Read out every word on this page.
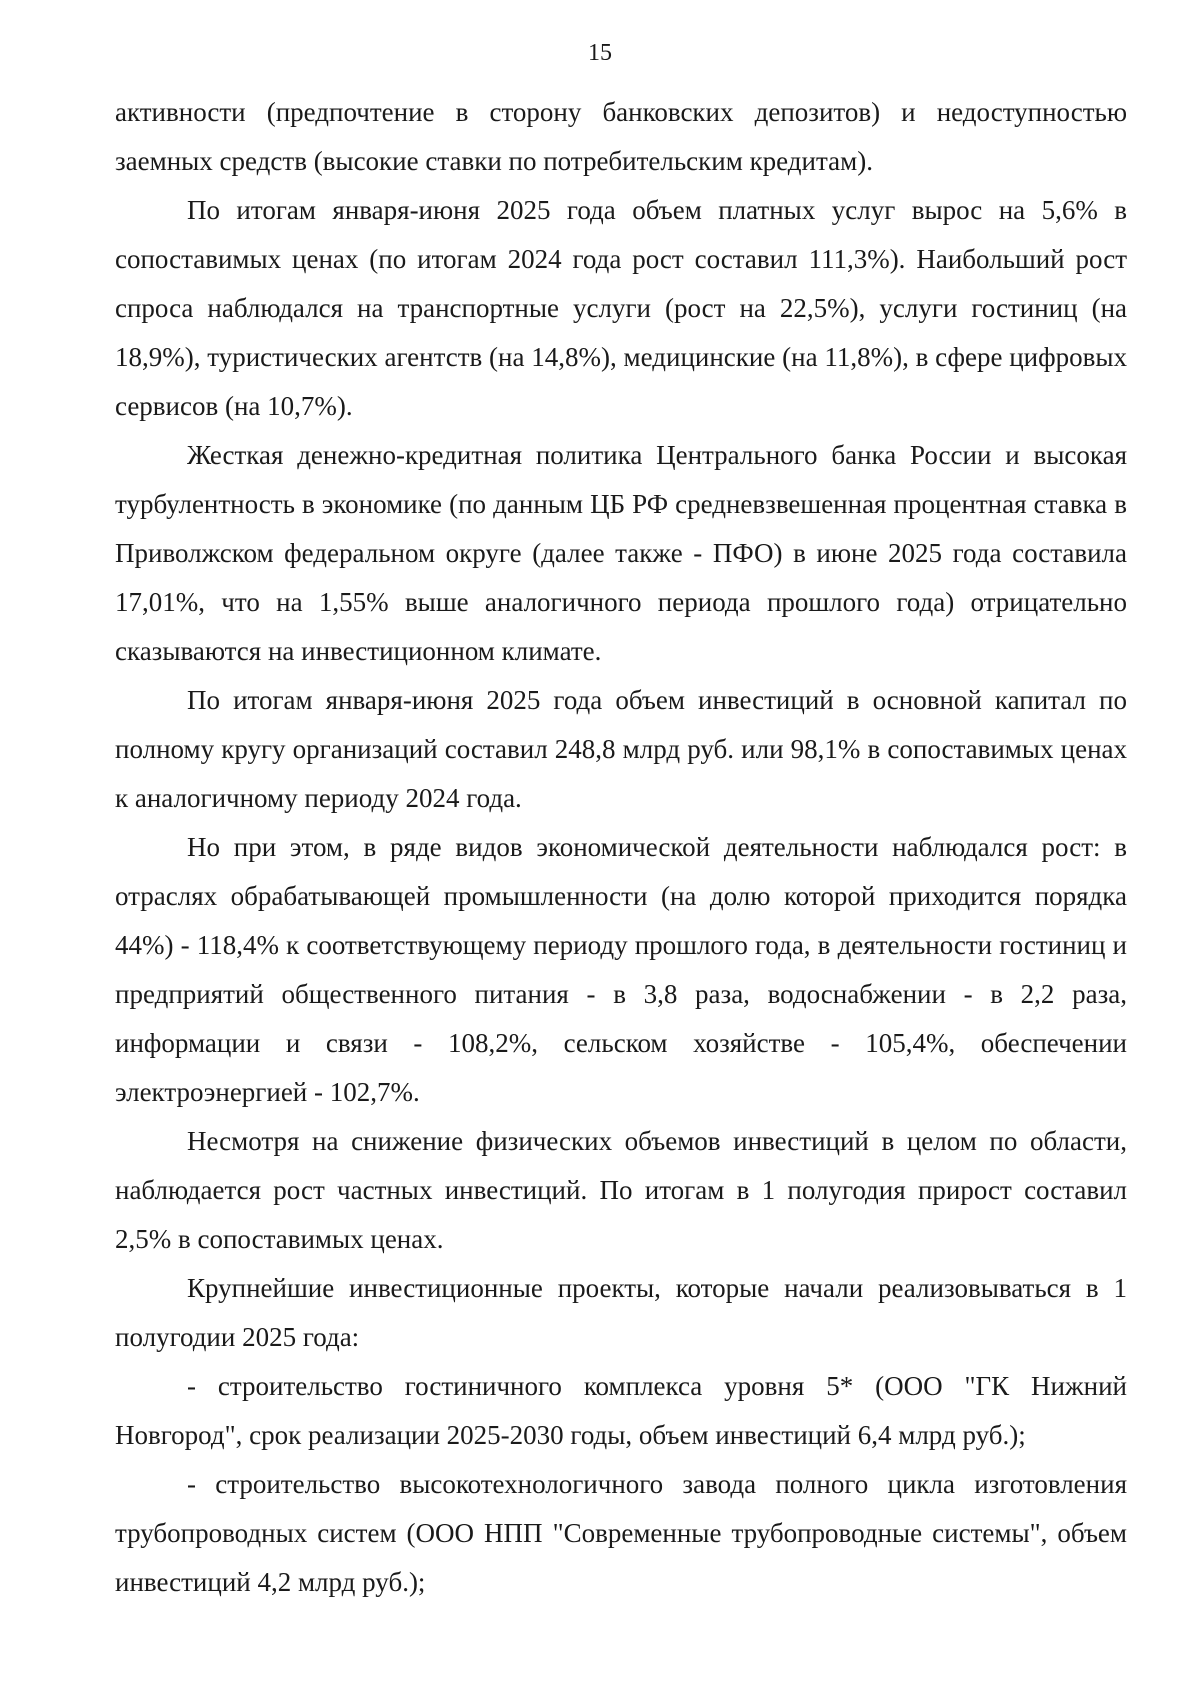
15

активности (предпочтение в сторону банковских депозитов) и недоступностью заемных средств (высокие ставки по потребительским кредитам).

По итогам января-июня 2025 года объем платных услуг вырос на 5,6% в сопоставимых ценах (по итогам 2024 года рост составил 111,3%). Наибольший рост спроса наблюдался на транспортные услуги (рост на 22,5%), услуги гостиниц (на 18,9%), туристических агентств (на 14,8%), медицинские (на 11,8%), в сфере цифровых сервисов (на 10,7%).

Жесткая денежно-кредитная политика Центрального банка России и высокая турбулентность в экономике (по данным ЦБ РФ средневзвешенная процентная ставка в Приволжском федеральном округе (далее также - ПФО) в июне 2025 года составила 17,01%, что на 1,55% выше аналогичного периода прошлого года) отрицательно сказываются на инвестиционном климате.

По итогам января-июня 2025 года объем инвестиций в основной капитал по полному кругу организаций составил 248,8 млрд руб. или 98,1% в сопоставимых ценах к аналогичному периоду 2024 года.

Но при этом, в ряде видов экономической деятельности наблюдался рост: в отраслях обрабатывающей промышленности (на долю которой приходится порядка 44%) - 118,4% к соответствующему периоду прошлого года, в деятельности гостиниц и предприятий общественного питания - в 3,8 раза, водоснабжении - в 2,2 раза, информации и связи - 108,2%, сельском хозяйстве - 105,4%, обеспечении электроэнергией - 102,7%.

Несмотря на снижение физических объемов инвестиций в целом по области, наблюдается рост частных инвестиций. По итогам в 1 полугодия прирост составил 2,5% в сопоставимых ценах.

Крупнейшие инвестиционные проекты, которые начали реализовываться в 1 полугодии 2025 года:

- строительство гостиничного комплекса уровня 5* (ООО "ГК Нижний Новгород", срок реализации 2025-2030 годы, объем инвестиций 6,4 млрд руб.);

- строительство высокотехнологичного завода полного цикла изготовления трубопроводных систем (ООО НПП "Современные трубопроводные системы", объем инвестиций 4,2 млрд руб.);
